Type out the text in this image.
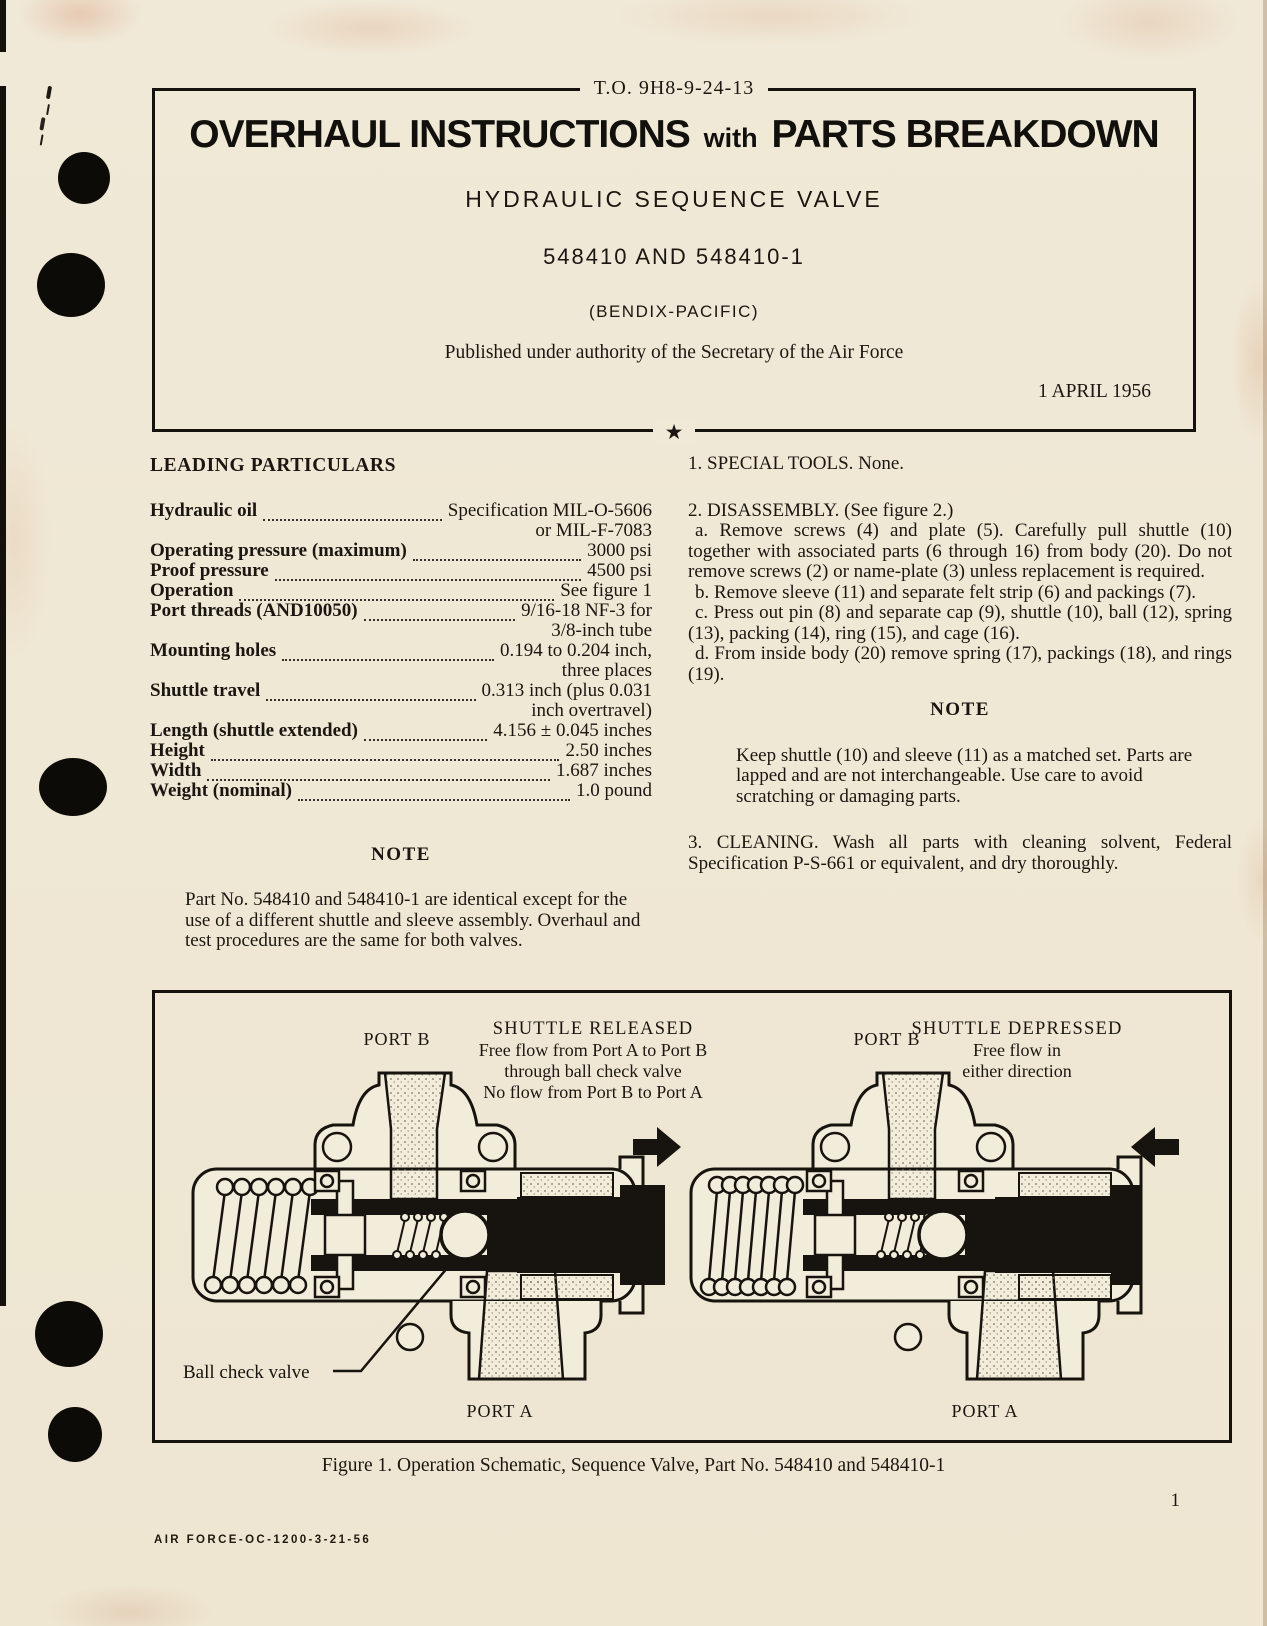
T.O. 9H8-9-24-13
OVERHAUL INSTRUCTIONS with PARTS BREAKDOWN
HYDRAULIC SEQUENCE VALVE
548410 AND 548410-1
(BENDIX-PACIFIC)
Published under authority of the Secretary of the Air Force
1 APRIL 1956
★
LEADING PARTICULARS
Hydraulic oil	Specification MIL-O-5606
or MIL-F-7083
Operating pressure (maximum)	3000 psi
Proof pressure	4500 psi
Operation	See figure 1
Port threads (AND10050)	9/16-18 NF-3 for
3/8-inch tube
Mounting holes	0.194 to 0.204 inch,
three places
Shuttle travel	0.313 inch (plus 0.031
inch overtravel)
Length (shuttle extended)	4.156 ± 0.045 inches
Height	2.50 inches
Width	1.687 inches
Weight (nominal)	1.0 pound
NOTE
Part No. 548410 and 548410-1 are identical except for the use of a different shuttle and sleeve assembly. Overhaul and test procedures are the same for both valves.

1. SPECIAL TOOLS. None.

2. DISASSEMBLY. (See figure 2.)

a. Remove screws (4) and plate (5). Carefully pull shuttle (10) together with associated parts (6 through 16) from body (20). Do not remove screws (2) or name-plate (3) unless replacement is required.

b. Remove sleeve (11) and separate felt strip (6) and packings (7).

c. Press out pin (8) and separate cap (9), shuttle (10), ball (12), spring (13), packing (14), ring (15), and cage (16).

d. From inside body (20) remove spring (17), packings (18), and rings (19).

NOTE
Keep shuttle (10) and sleeve (11) as a matched set. Parts are lapped and are not interchangeable. Use care to avoid scratching or damaging parts.

3. CLEANING. Wash all parts with cleaning solvent, Federal Specification P-S-661 or equivalent, and dry thoroughly.

PORT B	SHUTTLE RELEASED
Free flow from Port A to Port B
through ball check valve
No flow from Port B to Port A
PORT B
SHUTTLE DEPRESSED
Free flow in
either direction
Ball check valve
PORT A	PORT A
Figure 1. Operation Schematic, Sequence Valve, Part No. 548410 and 548410-1
1
AIR FORCE-OC-1200-3-21-56
